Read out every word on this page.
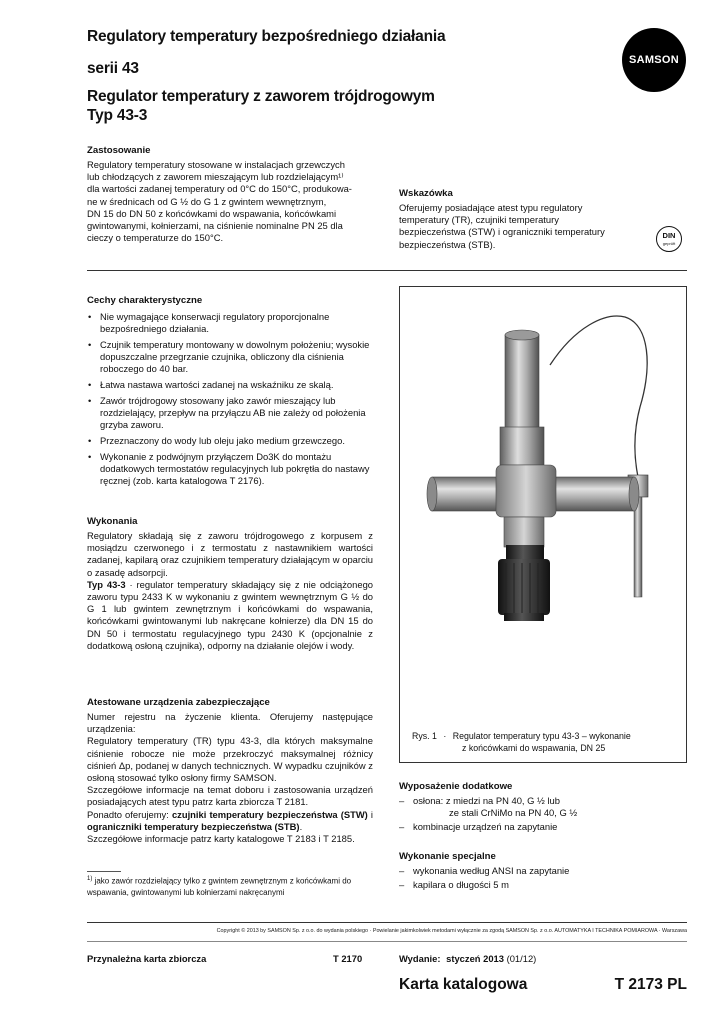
Regulatory temperatury bezpośredniego działania
serii 43
Regulator temperatury z zaworem trójdrogowym
Typ 43-3
SAMSON
Zastosowanie
Regulatory temperatury stosowane w instalacjach grzewczych
lub chłodzących z zaworem mieszającym lub rozdzielającym¹⁾
dla wartości zadanej temperatury od 0°C do 150°C, produkowa-
ne w średnicach od G ½ do G 1 z gwintem wewnętrznym,
DN 15 do DN 50 z końcówkami do wspawania, końcówkami
gwintowanymi, kołnierzami, na ciśnienie nominalne PN 25 dla
cieczy o temperaturze do 150°C.
Wskazówka
Oferujemy posiadające atest typu regulatory temperatury (TR), czujniki temperatury bezpieczeństwa (STW) i ograniczniki temperatury bezpieczeństwa (STB).
DIN
geprüft
Cechy charakterystyczne
• Nie wymagające konserwacji regulatory proporcjonalne bezpośredniego działania.
• Czujnik temperatury montowany w dowolnym położeniu; wysokie dopuszczalne przegrzanie czujnika, obliczony dla ciśnienia roboczego do 40 bar.
• Łatwa nastawa wartości zadanej na wskaźniku ze skalą.
• Zawór trójdrogowy stosowany jako zawór mieszający lub rozdzielający, przepływ na przyłączu AB nie zależy od położenia grzyba zaworu.
• Przeznaczony do wody lub oleju jako medium grzewczego.
• Wykonanie z podwójnym przyłączem Do3K do montażu dodatkowych termostatów regulacyjnych lub pokrętła do nastawy ręcznej (zob. karta katalogowa T 2176).
Wykonania

Regulatory składają się z zaworu trójdrogowego z korpusem z mosiądzu czerwonego i z termostatu z nastawnikiem wartości zadanej, kapilarą oraz czujnikiem temperatury działającym w oparciu o zasadę adsorpcji.

Typ 43-3 · regulator temperatury składający się z nie odciążonego zaworu typu 2433 K w wykonaniu z gwintem wewnętrznym G ½ do G 1 lub gwintem zewnętrznym i końcówkami do wspawania, końcówkami gwintowanymi lub nakręcane kołnierze) dla DN 15 do DN 50 i termostatu regulacyjnego typu 2430 K (opcjonalnie z dodatkową osłoną czujnika), odporny na działanie olejów i wody.

Atestowane urządzenia zabezpieczające

Numer rejestru na życzenie klienta. Oferujemy następujące urządzenia:

Regulatory temperatury (TR) typu 43-3, dla których maksymalne ciśnienie robocze nie może przekroczyć maksymalnej różnicy ciśnień Δp, podanej w danych technicznych. W wypadku czujników z osłoną stosować tylko osłony firmy SAMSON.

Szczegółowe informacje na temat doboru i zastosowania urządzeń posiadających atest typu patrz karta zbiorcza T 2181.

Ponadto oferujemy: czujniki temperatury bezpieczeństwa (STW) i ograniczniki temperatury bezpieczeństwa (STB).

Szczegółowe informacje patrz karty katalogowe T 2183 i T 2185.

$^{1)}$ jako zawór rozdzielający tylko z gwintem zewnętrznym z końcówkami do wspawania, gwintowanymi lub kołnierzami nakręcanymi
Rys. 1 · Regulator temperatury typu 43-3 – wykonanie
z końcówkami do wspawania, DN 25
Wyposażenie dodatkowe
– osłona: z miedzi na PN 40, G ½ lub
ze stali CrNiMo na PN 40, G ½
– kombinacje urządzeń na zapytanie
Wykonanie specjalne
– wykonania według ANSI na zapytanie
– kapilara o długości 5 m
Copyright © 2013 by SAMSON Sp. z o.o. do wydania polskiego · Powielanie jakimkolwiek metodami wyłącznie za zgodą SAMSON Sp. z o.o. AUTOMATYKA I TECHNIKA POMIAROWA · Warszawa
Przynależna karta zbiorcza	T 2170	Wydanie: styczeń 2013 (01/12)
Karta katalogowa	T 2173 PL
